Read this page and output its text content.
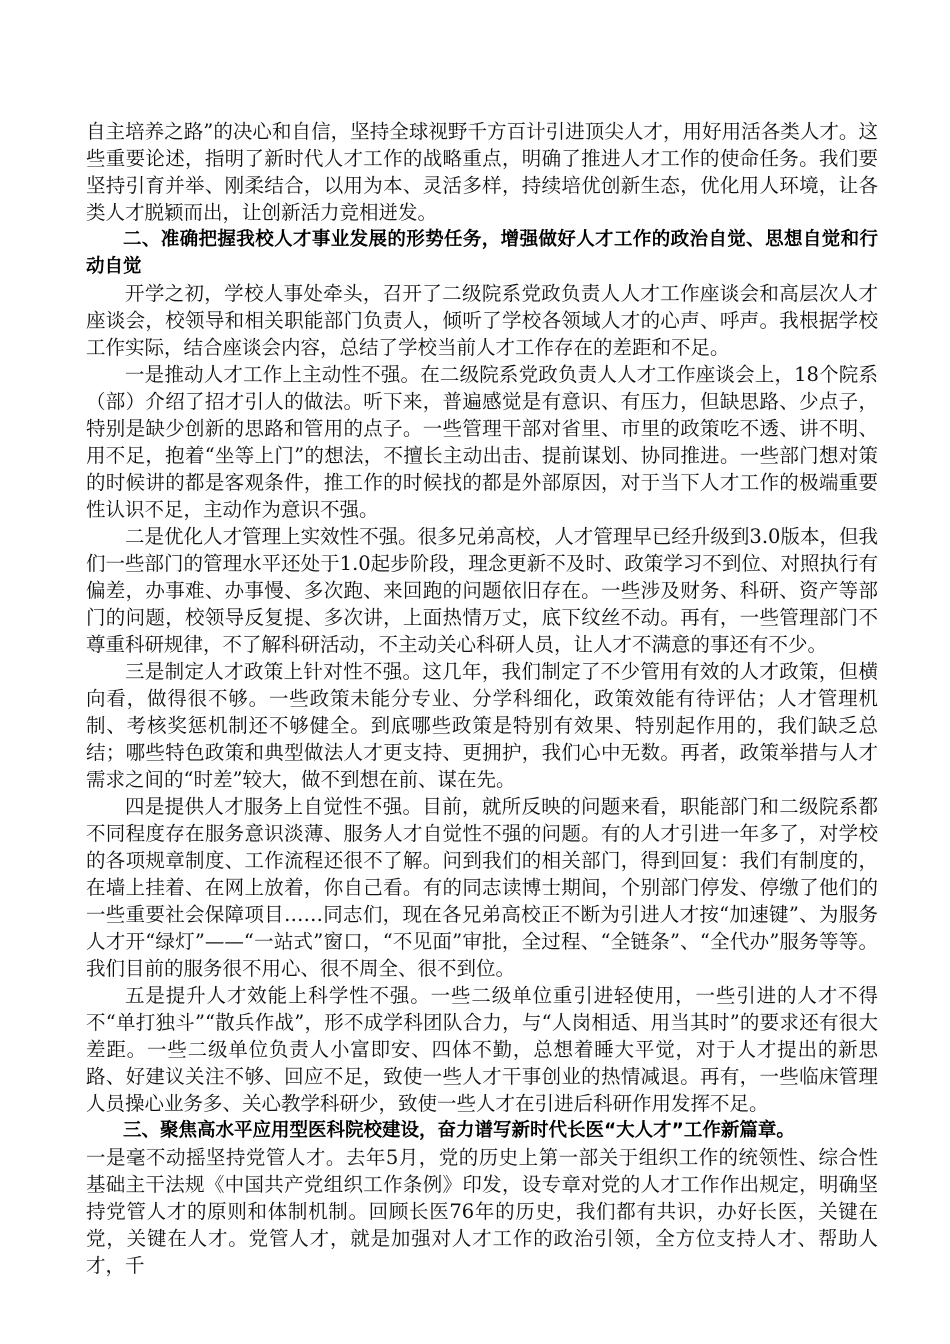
自主培养之路”的决心和自信，坚持全球视野千方百计引进顶尖人才，用好用活各类人才。这些重要论述，指明了新时代人才工作的战略重点，明确了推进人才工作的使命任务。我们要坚持引育并举、刚柔结合，以用为本、灵活多样，持续培优创新生态，优化用人环境，让各类人才脱颖而出，让创新活力竞相迸发。

二、准确把握我校人才事业发展的形势任务，增强做好人才工作的政治自觉、思想自觉和行动自觉

开学之初，学校人事处牵头，召开了二级院系党政负责人人才工作座谈会和高层次人才座谈会，校领导和相关职能部门负责人，倾听了学校各领域人才的心声、呼声。我根据学校工作实际，结合座谈会内容，总结了学校当前人才工作存在的差距和不足。

一是推动人才工作上主动性不强。在二级院系党政负责人人才工作座谈会上，18个院系（部）介绍了招才引人的做法。听下来，普遍感觉是有意识、有压力，但缺思路、少点子，特别是缺少创新的思路和管用的点子。一些管理干部对省里、市里的政策吃不透、讲不明、用不足，抱着“坐等上门”的想法，不擅长主动出击、提前谋划、协同推进。一些部门想对策的时候讲的都是客观条件，推工作的时候找的都是外部原因，对于当下人才工作的极端重要性认识不足，主动作为意识不强。

二是优化人才管理上实效性不强。很多兄弟高校，人才管理早已经升级到3.0版本，但我们一些部门的管理水平还处于1.0起步阶段，理念更新不及时、政策学习不到位、对照执行有偏差，办事难、办事慢、多次跑、来回跑的问题依旧存在。一些涉及财务、科研、资产等部门的问题，校领导反复提、多次讲，上面热情万丈，底下纹丝不动。再有，一些管理部门不尊重科研规律，不了解科研活动，不主动关心科研人员，让人才不满意的事还有不少。

三是制定人才政策上针对性不强。这几年，我们制定了不少管用有效的人才政策，但横向看，做得很不够。一些政策未能分专业、分学科细化，政策效能有待评估；人才管理机制、考核奖惩机制还不够健全。到底哪些政策是特别有效果、特别起作用的，我们缺乏总结；哪些特色政策和典型做法人才更支持、更拥护，我们心中无数。再者，政策举措与人才需求之间的“时差”较大，做不到想在前、谋在先。

四是提供人才服务上自觉性不强。目前，就所反映的问题来看，职能部门和二级院系都不同程度存在服务意识淡薄、服务人才自觉性不强的问题。有的人才引进一年多了，对学校的各项规章制度、工作流程还很不了解。问到我们的相关部门，得到回复：我们有制度的，在墙上挂着、在网上放着，你自己看。有的同志读博士期间，个别部门停发、停缴了他们的一些重要社会保障项目……同志们，现在各兄弟高校正不断为引进人才按“加速键”、为服务人才开“绿灯”——“一站式”窗口，“不见面”审批，全过程、“全链条”、“全代办”服务等等。我们目前的服务很不用心、很不周全、很不到位。

五是提升人才效能上科学性不强。一些二级单位重引进轻使用，一些引进的人才不得不“单打独斗”“散兵作战”，形不成学科团队合力，与“人岗相适、用当其时”的要求还有很大差距。一些二级单位负责人小富即安、四体不勤，总想着睡大平觉，对于人才提出的新思路、好建议关注不够、回应不足，致使一些人才干事创业的热情减退。再有，一些临床管理人员操心业务多、关心教学科研少，致使一些人才在引进后科研作用发挥不足。

三、聚焦高水平应用型医科院校建设，奋力谱写新时代长医“大人才”工作新篇章。

一是毫不动摇坚持党管人才。去年5月，党的历史上第一部关于组织工作的统领性、综合性基础主干法规《中国共产党组织工作条例》印发，设专章对党的人才工作作出规定，明确坚持党管人才的原则和体制机制。回顾长医76年的历史，我们都有共识，办好长医，关键在党，关键在人才。党管人才，就是加强对人才工作的政治引领，全方位支持人才、帮助人才，千
